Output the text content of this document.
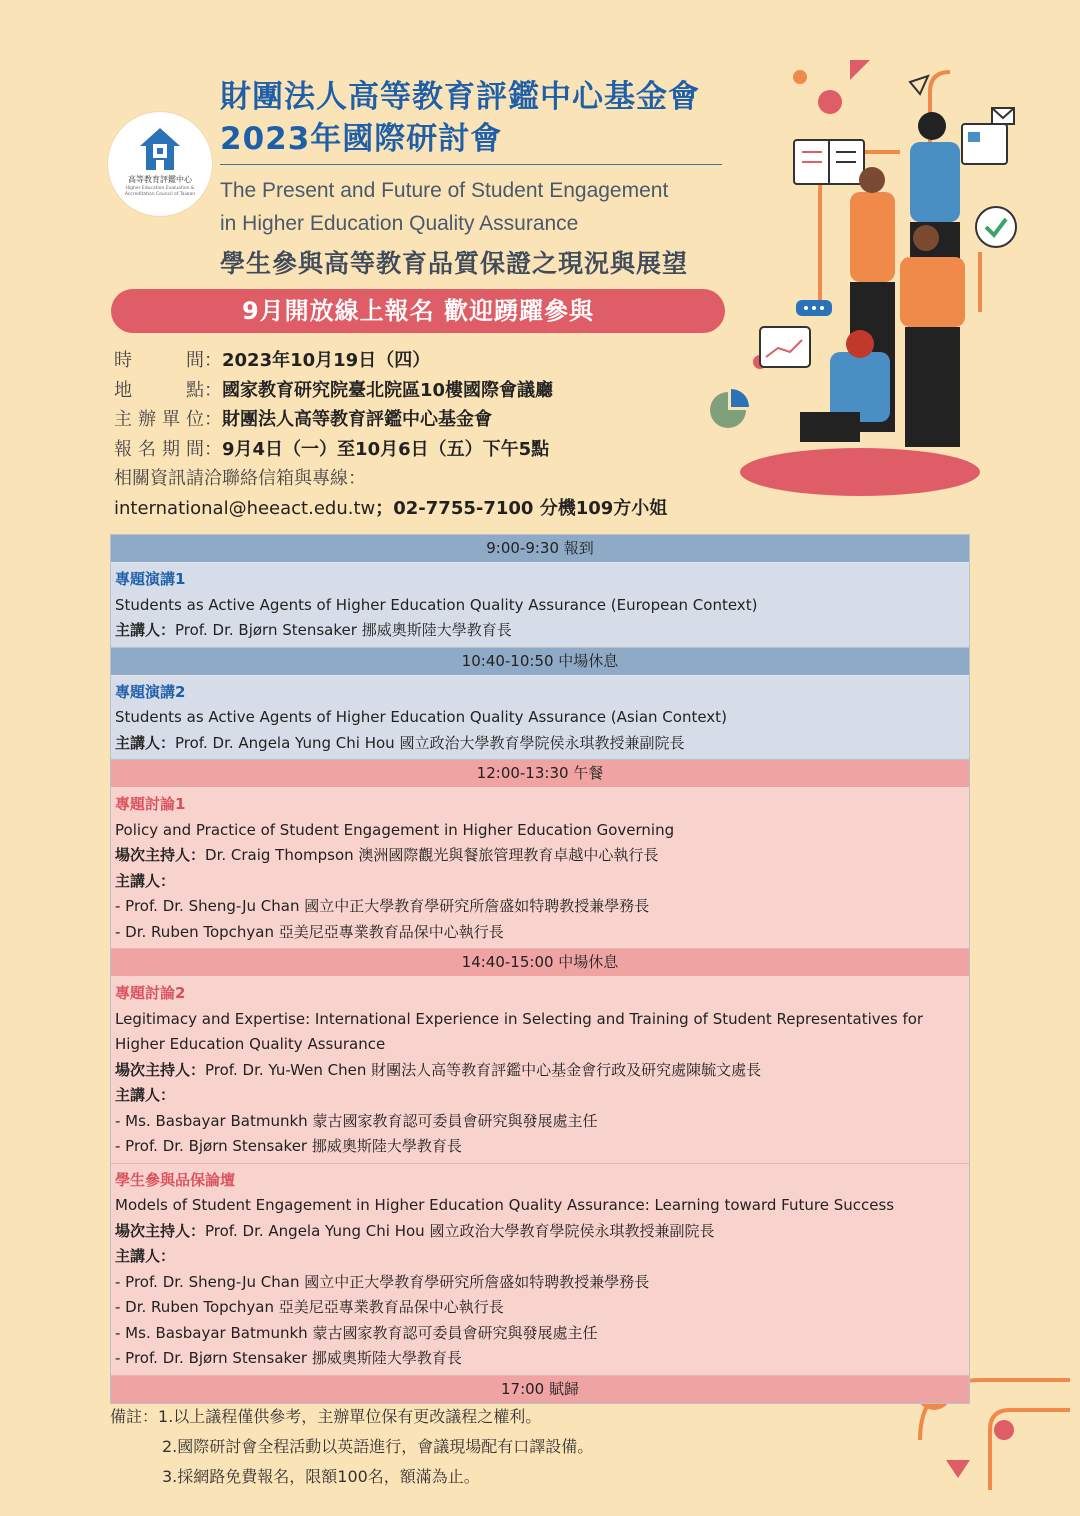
高等教育評鑑中心
Higher Education Evaluation & Accreditation Council of Taiwan
財團法人高等教育評鑑中心基金會
2023年國際研討會
The Present and Future of Student Engagement
in Higher Education Quality Assurance
學生參與高等教育品質保證之現況與展望
9月開放線上報名 歡迎踴躍參與
時間：2023年10月19日（四）
地點：國家教育研究院臺北院區10樓國際會議廳
主辦單位：財團法人高等教育評鑑中心基金會
報名期間：9月4日（一）至10月6日（五）下午5點
相關資訊請洽聯絡信箱與專線：
international@heeact.edu.tw；02-7755-7100 分機109方小姐
9:00-9:30 報到
專題演講1
Students as Active Agents of Higher Education Quality Assurance (European Context)
主講人：Prof. Dr. Bjørn Stensaker 挪威奧斯陸大學教育長
10:40-10:50 中場休息
專題演講2
Students as Active Agents of Higher Education Quality Assurance (Asian Context)
主講人：Prof. Dr. Angela Yung Chi Hou 國立政治大學教育學院侯永琪教授兼副院長
12:00-13:30 午餐
專題討論1
Policy and Practice of Student Engagement in Higher Education Governing
場次主持人：Dr. Craig Thompson 澳洲國際觀光與餐旅管理教育卓越中心執行長
主講人：
- Prof. Dr. Sheng-Ju Chan 國立中正大學教育學研究所詹盛如特聘教授兼學務長
- Dr. Ruben Topchyan 亞美尼亞專業教育品保中心執行長
14:40-15:00 中場休息
專題討論2
Legitimacy and Expertise: International Experience in Selecting and Training of Student Representatives for Higher Education Quality Assurance
場次主持人：Prof. Dr. Yu-Wen Chen 財團法人高等教育評鑑中心基金會行政及研究處陳毓文處長
主講人：
- Ms. Basbayar Batmunkh 蒙古國家教育認可委員會研究與發展處主任
- Prof. Dr. Bjørn Stensaker 挪威奧斯陸大學教育長
學生參與品保論壇
Models of Student Engagement in Higher Education Quality Assurance: Learning toward Future Success
場次主持人：Prof. Dr. Angela Yung Chi Hou 國立政治大學教育學院侯永琪教授兼副院長
主講人：
- Prof. Dr. Sheng-Ju Chan 國立中正大學教育學研究所詹盛如特聘教授兼學務長
- Dr. Ruben Topchyan 亞美尼亞專業教育品保中心執行長
- Ms. Basbayar Batmunkh 蒙古國家教育認可委員會研究與發展處主任
- Prof. Dr. Bjørn Stensaker 挪威奧斯陸大學教育長
17:00 賦歸
備註：1.以上議程僅供參考，主辦單位保有更改議程之權利。
2.國際研討會全程活動以英語進行，會議現場配有口譯設備。
3.採網路免費報名，限額100名，額滿為止。
